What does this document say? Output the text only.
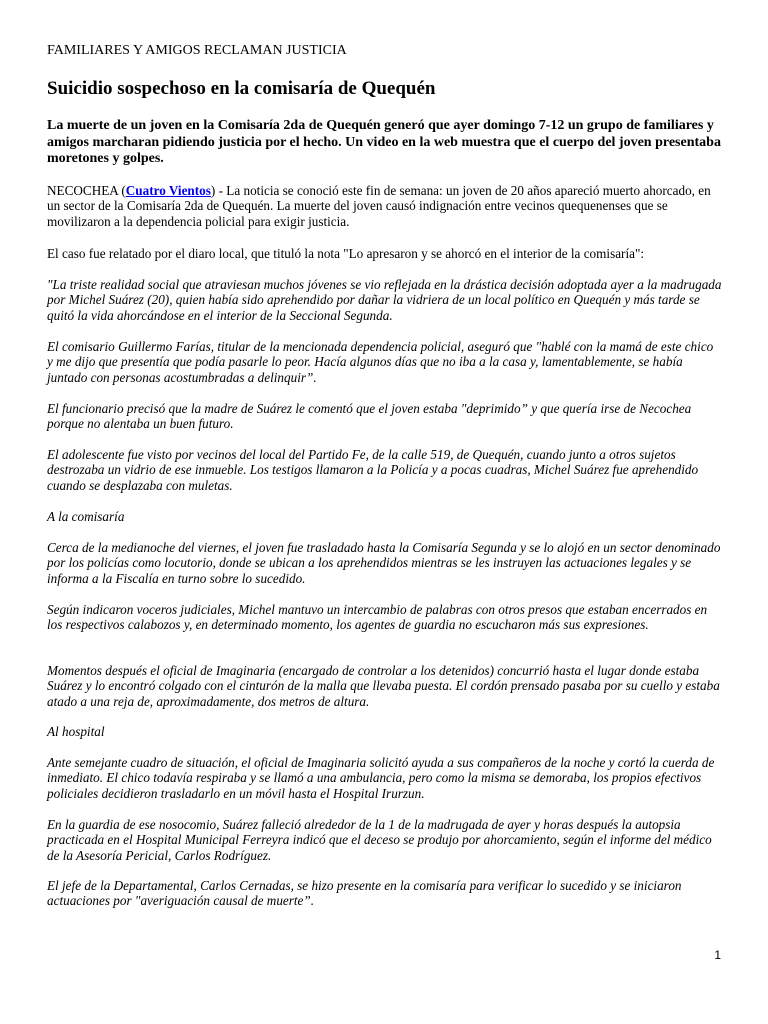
FAMILIARES Y AMIGOS RECLAMAN JUSTICIA
Suicidio sospechoso en la comisaría de Quequén

La muerte de un joven en la Comisaría 2da de Quequén generó que ayer domingo 7-12 un grupo de familiares y amigos marcharan pidiendo justicia por el hecho. Un video en la web muestra que el cuerpo del joven presentaba moretones y golpes.

NECOCHEA (Cuatro Vientos) - La noticia se conoció este fin de semana: un joven de 20 años apareció muerto ahorcado, en un sector de la Comisaría 2da de Quequén. La muerte del joven causó indignación entre vecinos quequenenses que se movilizaron a la dependencia policial para exigir justicia.

El caso fue relatado por el diaro local, que tituló la nota "Lo apresaron y se ahorcó en el interior de la comisaría":

"La triste realidad social que atraviesan muchos jóvenes se vio reflejada en la drástica decisión adoptada ayer a la madrugada por Michel Suárez (20), quien había sido aprehendido por dañar la vidriera de un local político en Quequén y más tarde se quitó la vida ahorcándose en el interior de la Seccional Segunda.

El comisario Guillermo Farías, titular de la mencionada dependencia policial, aseguró que "hablé con la mamá de este chico y me dijo que presentía que podía pasarle lo peor. Hacía algunos días que no iba a la casa y, lamentablemente, se había juntado con personas acostumbradas a delinquir”.

El funcionario precisó que la madre de Suárez le comentó que el joven estaba "deprimido” y que quería irse de Necochea porque no alentaba un buen futuro.

El adolescente fue visto por vecinos del local del Partido Fe, de la calle 519, de Quequén, cuando junto a otros sujetos destrozaba un vidrio de ese inmueble. Los testigos llamaron a la Policía y a pocas cuadras, Michel Suárez fue aprehendido cuando se desplazaba con muletas.

A la comisaría

Cerca de la medianoche del viernes, el joven fue trasladado hasta la Comisaría Segunda y se lo alojó en un sector denominado por los policías como locutorio, donde se ubican a los aprehendidos mientras se les instruyen las actuaciones legales y se informa a la Fiscalía en turno sobre lo sucedido.

Según indicaron voceros judiciales, Michel mantuvo un intercambio de palabras con otros presos que estaban encerrados en los respectivos calabozos y, en determinado momento, los agentes de guardia no escucharon más sus expresiones.

Momentos después el oficial de Imaginaria (encargado de controlar a los detenidos) concurrió hasta el lugar donde estaba Suárez y lo encontró colgado con el cinturón de la malla que llevaba puesta. El cordón prensado pasaba por su cuello y estaba atado a una reja de, aproximadamente, dos metros de altura.

Al hospital

Ante semejante cuadro de situación, el oficial de Imaginaria solicitó ayuda a sus compañeros de la noche y cortó la cuerda de inmediato. El chico todavía respiraba y se llamó a una ambulancia, pero como la misma se demoraba, los propios efectivos policiales decidieron trasladarlo en un móvil hasta el Hospital Irurzun.

En la guardia de ese nosocomio, Suárez falleció alrededor de la 1 de la madrugada de ayer y horas después la autopsia practicada en el Hospital Municipal Ferreyra indicó que el deceso se produjo por ahorcamiento, según el informe del médico de la Asesoría Pericial, Carlos Rodríguez.

El jefe de la Departamental, Carlos Cernadas, se hizo presente en la comisaría para verificar lo sucedido y se iniciaron actuaciones por "averiguación causal de muerte”.

1
